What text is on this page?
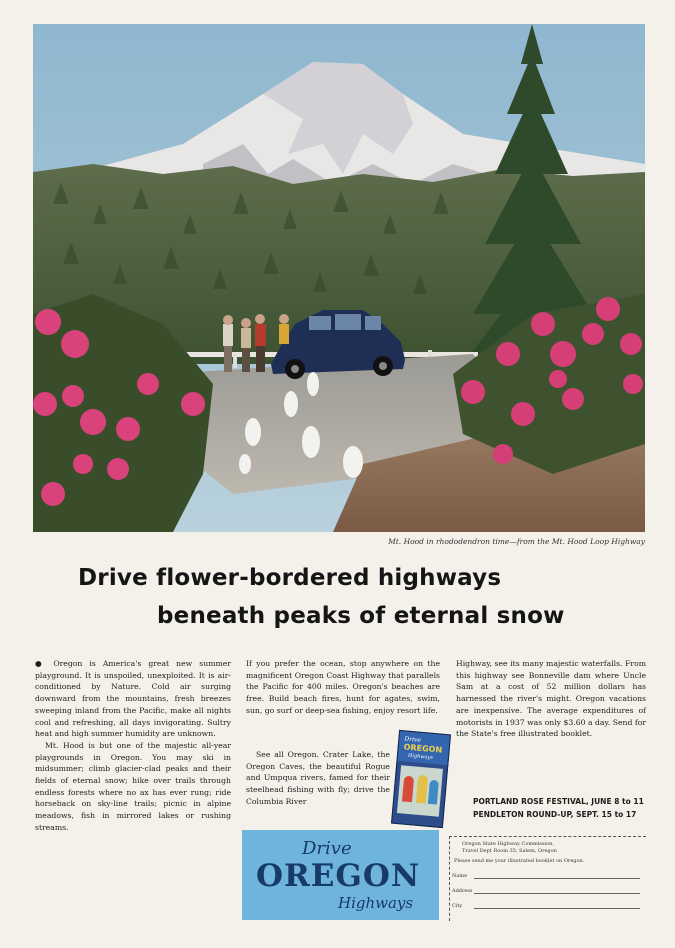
Mt. Hood in rhododendron time—from the Mt. Hood Loop Highway
Drive flower-bordered highways
beneath peaks of eternal snow

● Oregon is America's great new summer playground. It is unspoiled, unexploited. It is air-conditioned by Nature. Cold air surging downward from the mountains, fresh breezes sweeping inland from the Pacific, make all nights cool and refreshing, all days invigorating. Sultry heat and high summer humidity are unknown.

Mt. Hood is but one of the majestic all-year playgrounds in Oregon. You may ski in midsummer; climb glacier-clad peaks and their fields of eternal snow; hike over trails through endless forests where no ax has ever rung; ride horseback on sky-line trails; picnic in alpine meadows, fish in mirrored lakes or rushing streams.

If you prefer the ocean, stop anywhere on the magnificent Oregon Coast Highway that parallels the Pacific for 400 miles. Oregon's beaches are free. Build beach fires, hunt for agates, swim, sun, go surf or deep-sea fishing, enjoy resort life.

See all Oregon. Crater Lake, the Oregon Caves, the beautiful Rogue and Umpqua rivers, famed for their steelhead fishing with fly; drive the Columbia River

Highway, see its many majestic waterfalls. From this highway see Bonneville dam where Uncle Sam at a cost of 52 million dollars has harnessed the river's might. Oregon vacations are inexpensive. The average expenditures of motorists in 1937 was only $3.60 a day. Send for the State's free illustrated booklet.

PORTLAND ROSE FESTIVAL, JUNE 8 to 11
PENDLETON ROUND-UP, SEPT. 15 to 17
Drive
OREGON
Highways
Drive
OREGON
Highways
Oregon State Highway Commission,
Travel Dept Room 35, Salem, Oregon
Please send me your illustrated booklet on Oregon.
Name
Address
City
